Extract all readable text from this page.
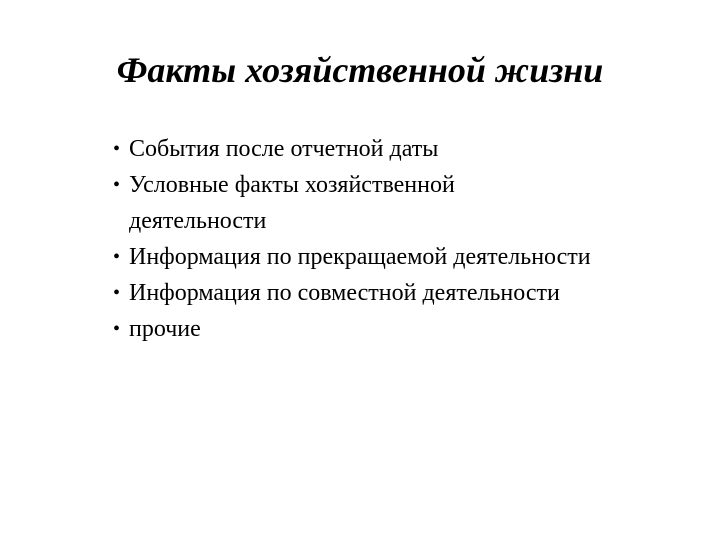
Факты хозяйственной жизни
• События после отчетной даты
• Условные факты хозяйственной
деятельности
• Информация по прекращаемой деятельности
• Информация по совместной деятельности
• прочие
